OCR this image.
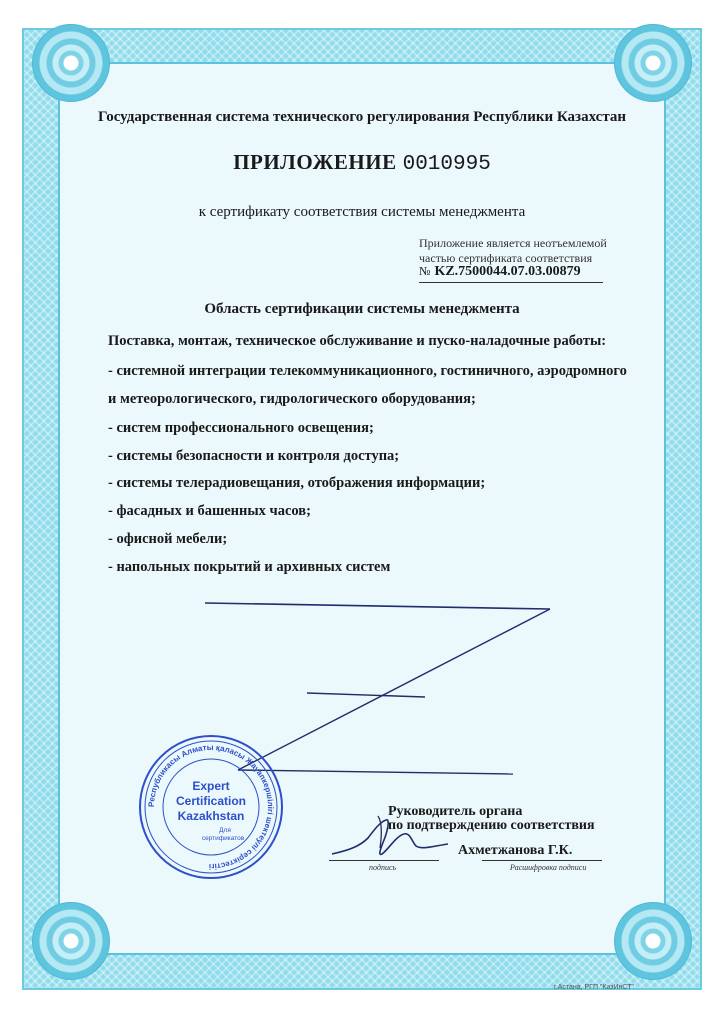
Государственная система технического регулирования Республики Казахстан
ПРИЛОЖЕНИЕ 0010995
к сертификату соответствия системы менеджмента
Приложение является неотъемлемой
частью сертификата соответствия
№ KZ.7500044.07.03.00879
Область сертификации системы менеджмента
Поставка, монтаж, техническое обслуживание и пуско-наладочные работы:
- системной интеграции телекоммуникационного, гостиничного, аэродромного
и метеорологического, гидрологического оборудования;
- систем профессионального освещения;
- системы безопасности и контроля доступа;
- системы телерадиовещания, отображения информации;
- фасадных и башенных часов;
- офисной мебели;
- напольных покрытий и архивных систем
Республикасы Алматы қаласы Жауапкершілігі шектеулі серіктестігі
Expert
Certification
Kazakhstan
Для
сертификатов
Руководитель органа
по подтверждению соответствия
Ахметжанова Г.К.
подпись	Расшифровка подписи
г.Астана, РГП "КазИнСТ"
